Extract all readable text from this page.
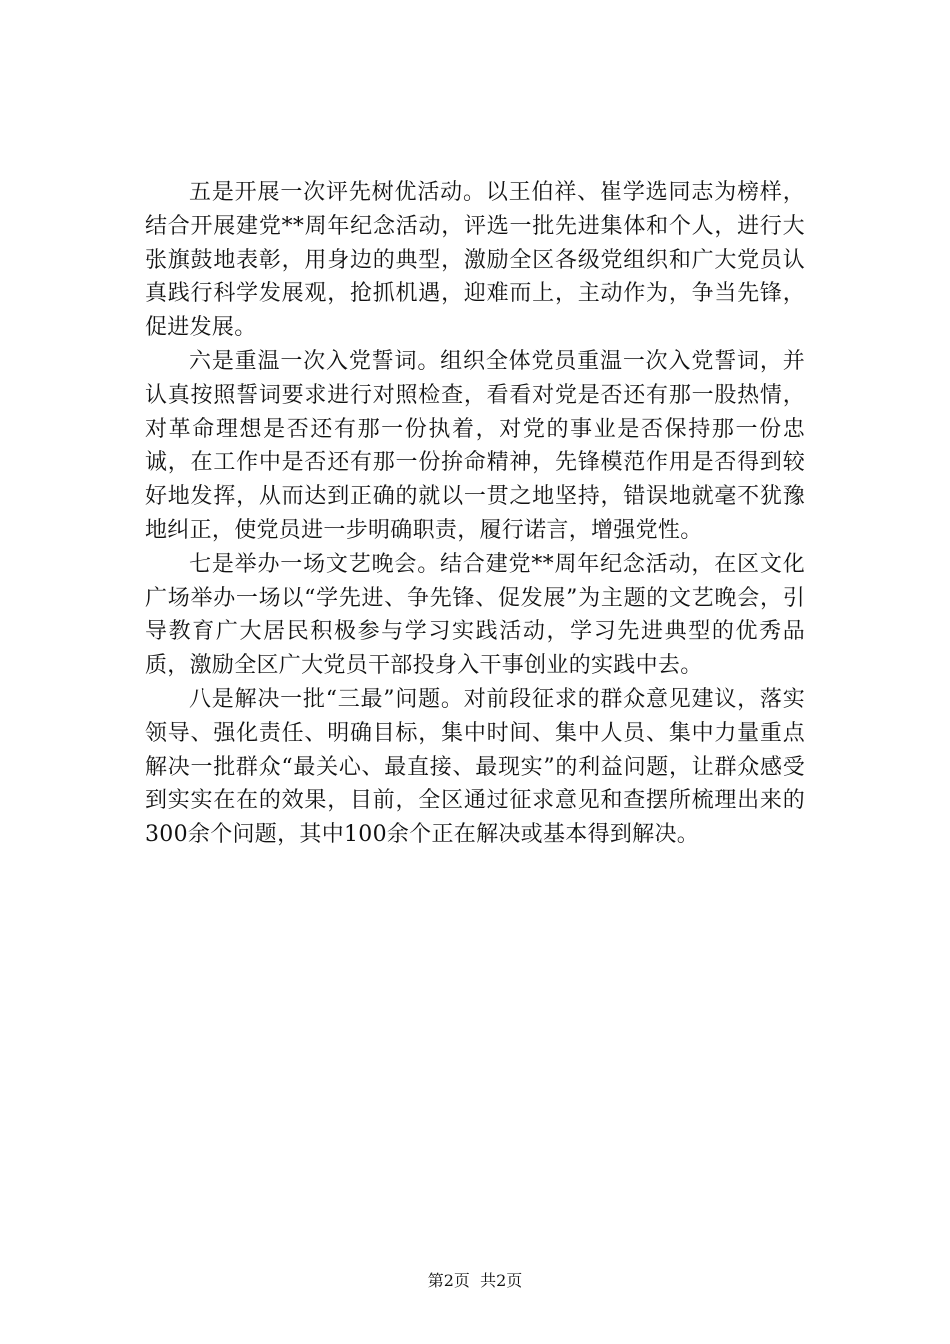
五是开展一次评先树优活动。以王伯祥、崔学选同志为榜样，结合开展建党**周年纪念活动，评选一批先进集体和个人，进行大张旗鼓地表彰，用身边的典型，激励全区各级党组织和广大党员认真践行科学发展观，抢抓机遇，迎难而上，主动作为，争当先锋，促进发展。

六是重温一次入党誓词。组织全体党员重温一次入党誓词，并认真按照誓词要求进行对照检查，看看对党是否还有那一股热情，对革命理想是否还有那一份执着，对党的事业是否保持那一份忠诚，在工作中是否还有那一份拚命精神，先锋模范作用是否得到较好地发挥，从而达到正确的就以一贯之地坚持，错误地就毫不犹豫地纠正，使党员进一步明确职责，履行诺言，增强党性。

七是举办一场文艺晚会。结合建党**周年纪念活动，在区文化广场举办一场以“学先进、争先锋、促发展”为主题的文艺晚会，引导教育广大居民积极参与学习实践活动，学习先进典型的优秀品质，激励全区广大党员干部投身入干事创业的实践中去。

八是解决一批“三最”问题。对前段征求的群众意见建议，落实领导、强化责任、明确目标，集中时间、集中人员、集中力量重点解决一批群众“最关心、最直接、最现实”的利益问题，让群众感受到实实在在的效果，目前，全区通过征求意见和查摆所梳理出来的300余个问题，其中100余个正在解决或基本得到解决。

第2页  共2页
